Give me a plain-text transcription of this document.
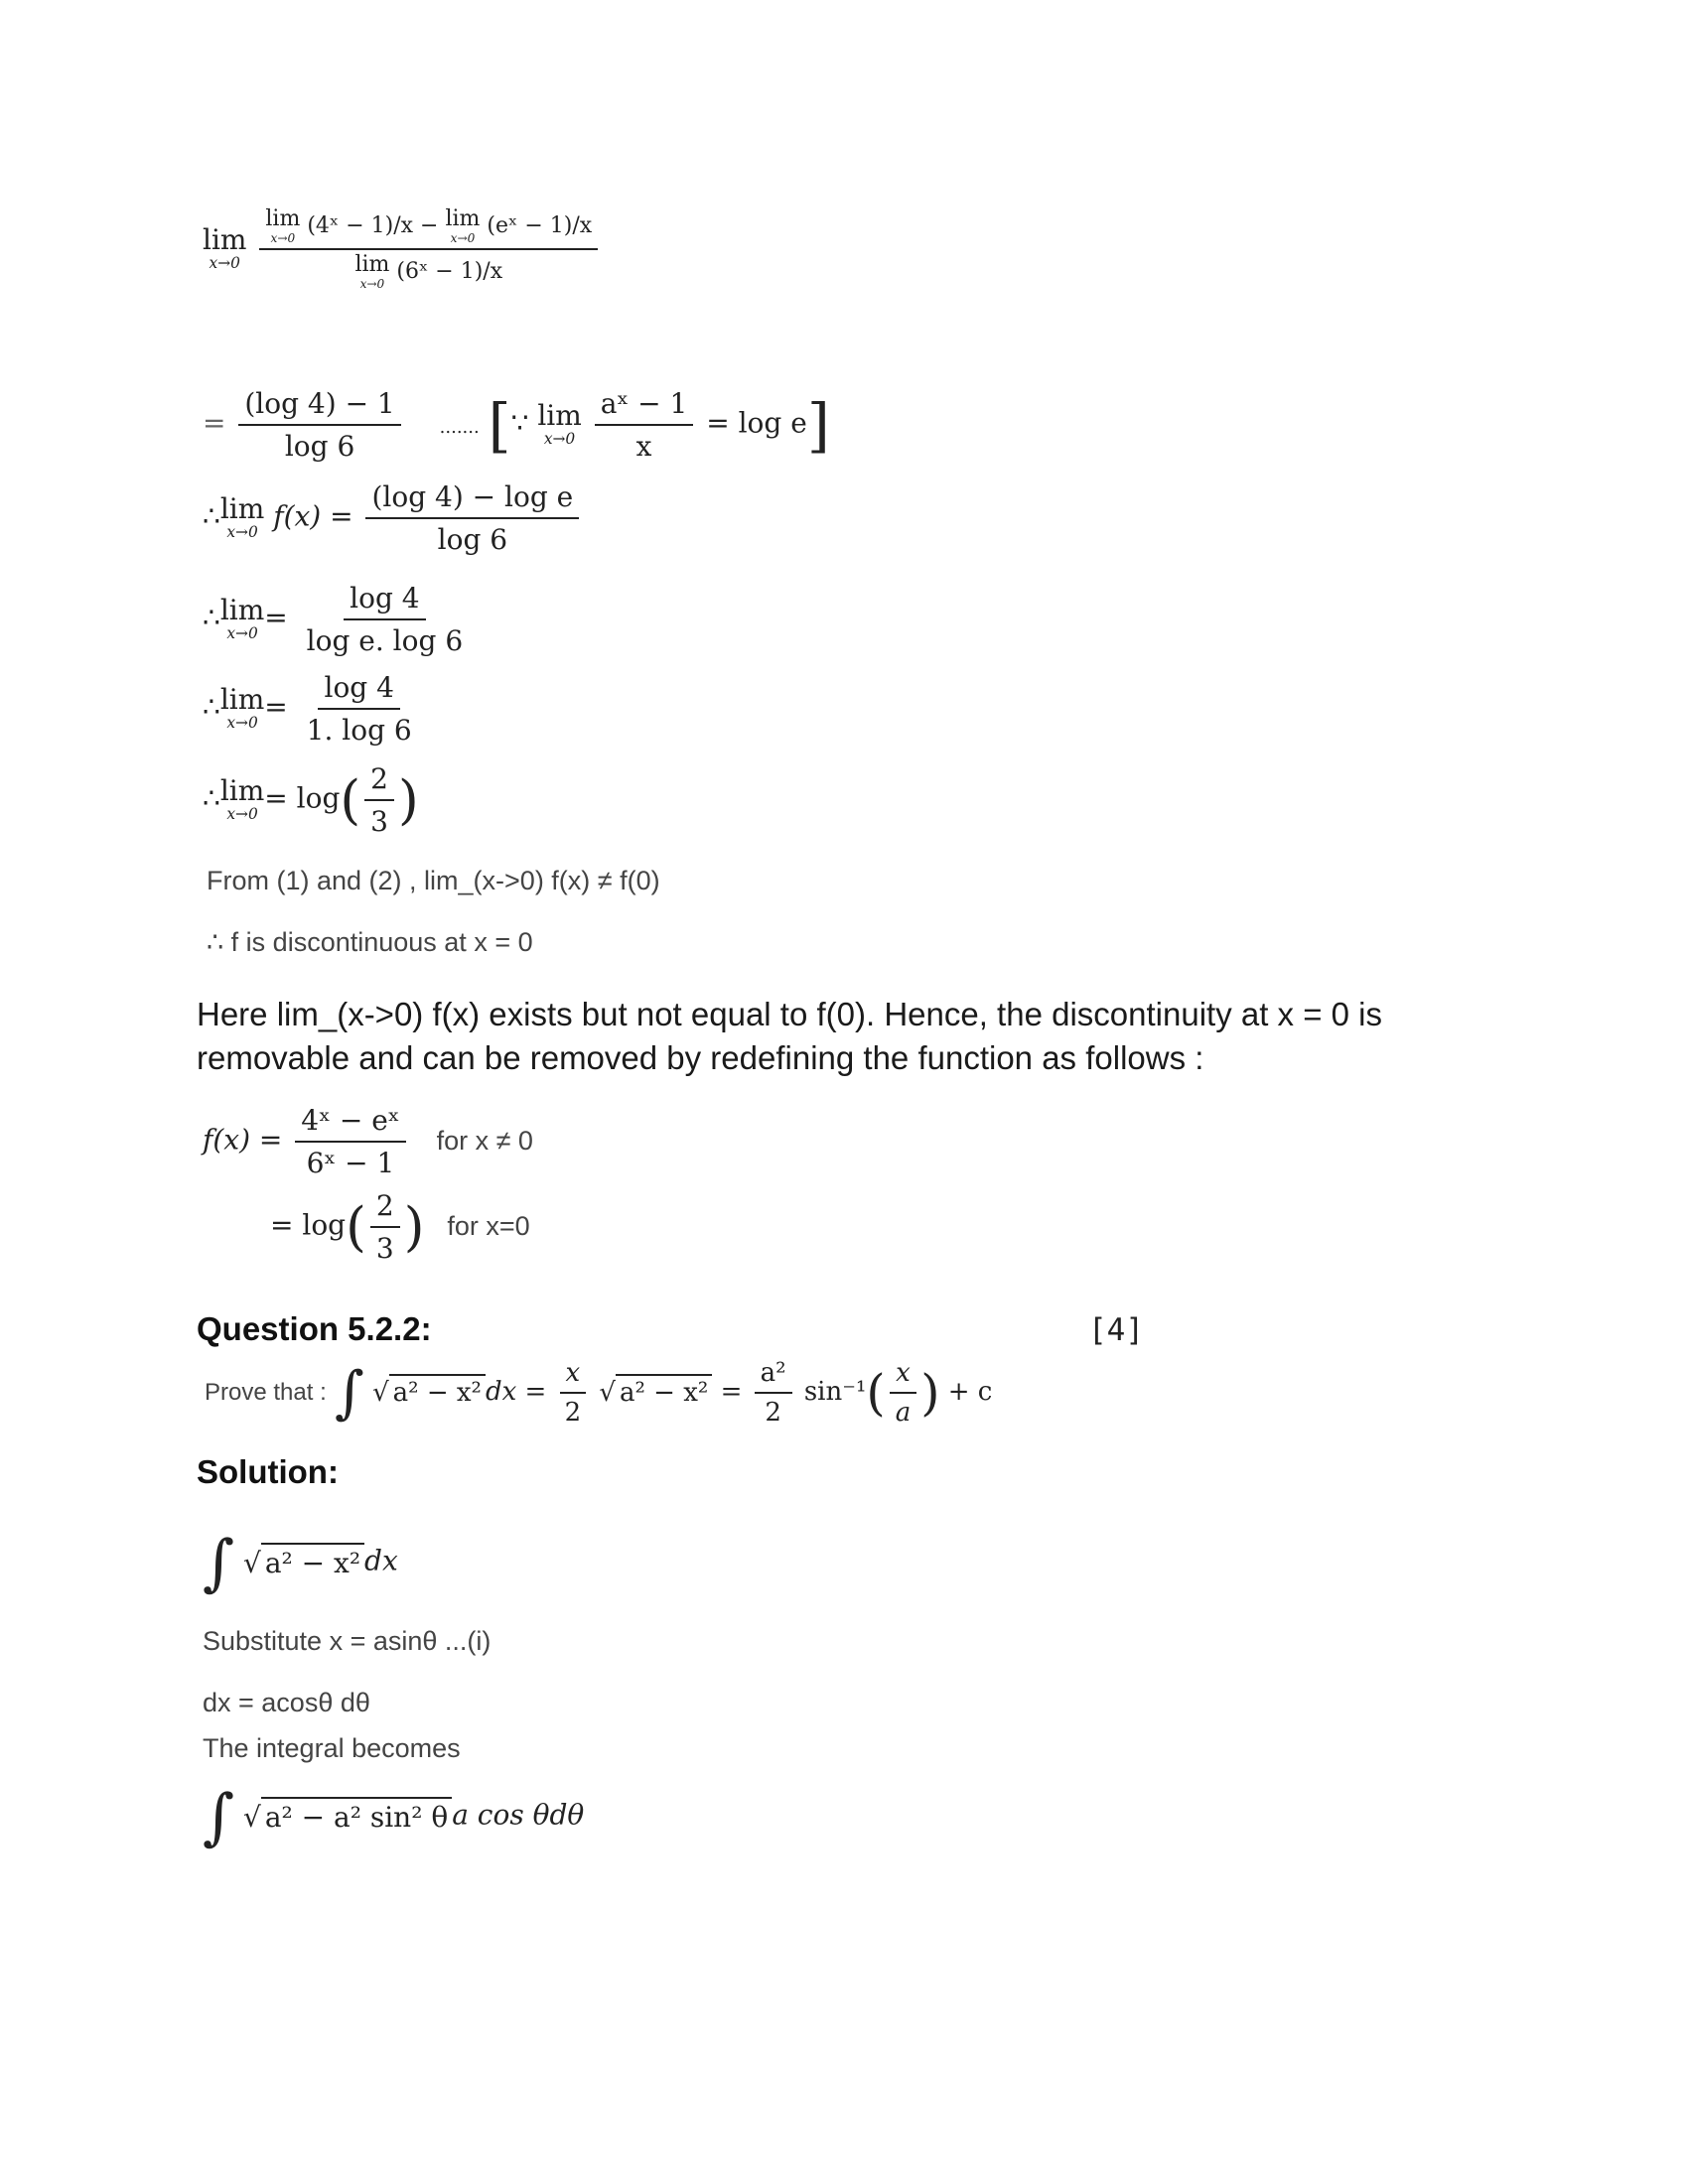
lim
x→0

lim
x→0 (4ˣ − 1)/x − lim
x→0 (eˣ − 1)/x
lim
x→0 (6ˣ − 1)/x
= $\frac{(\log 4) - 1}{\log 6}$ ....... [∵ lim
x→0
$\frac{\text{aˣ − 1}}{x} = \log e$]
∴ lim
x→0 $f(x) = \frac{\text{(log 4) − log e}}{\log 6}$
∴ lim
$x\to 0 = \frac{\log 4}{\text{log e. log 6}}$
∴ lim
$x\to 0 = \frac{\log 4}{1. \log 6}$
∴ lim
$x\to 0 = \log( \frac{2}{3}$ )
From (1) and (2) , lim_(x->0) f(x) ≠ f(0)
∴ f is discontinuous at x = 0
Here lim_(x->0) f(x) exists but not equal to f(0). Hence, the discontinuity at x = 0 is removable and can be removed by redefining the function as follows :
$f(x) = \frac{\text{4ˣ − eˣ}}{\text{6ˣ − 1}}$ for x ≠ 0
= $\log( \frac{2}{3}$ ) for x=0
Question 5.2.2:	[4]
Prove that : ∫ √ a² − x² dx = $\frac{x}{2}$ √ $a^2 - x^2 = \frac{\text{a²}}{2} \sin^{-1}( \frac{x}{a}$ ) + c
Solution:
∫ √ a² − x² dx
Substitute x = asinθ ...(i)
dx = acosθ dθ
The integral becomes
∫ √ a² − a² sin² θ a cos θdθ
